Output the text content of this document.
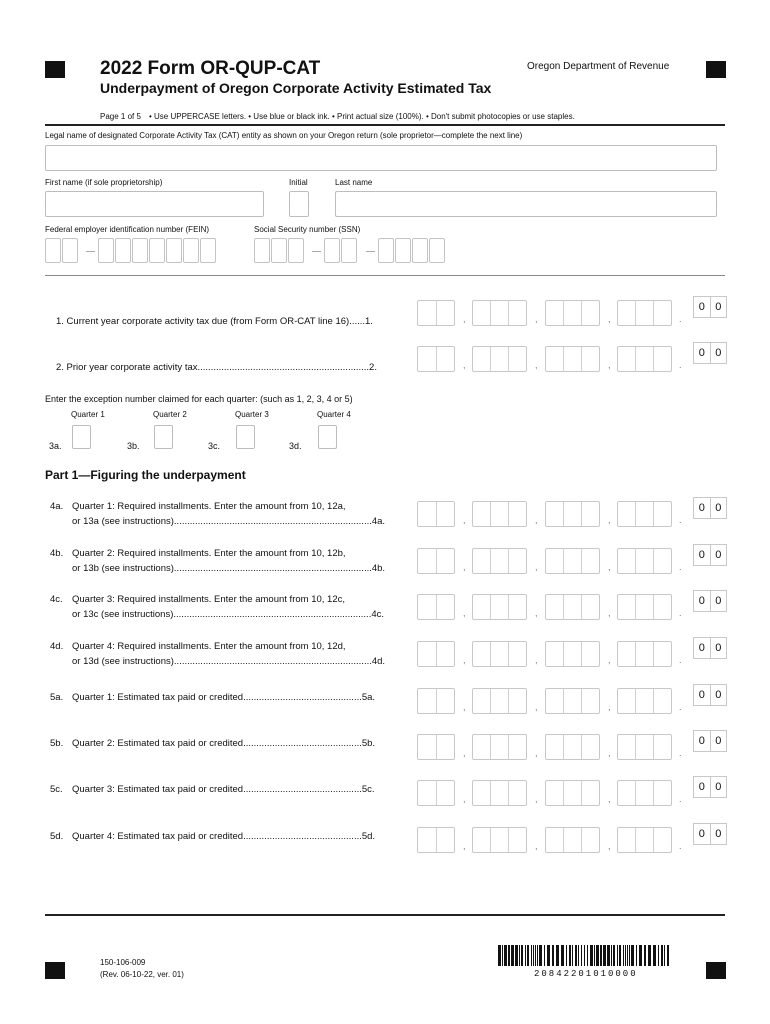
2022 Form OR-QUP-CAT
Underpayment of Oregon Corporate Activity Estimated Tax
Oregon Department of Revenue
Page 1 of 5 • Use UPPERCASE letters. • Use blue or black ink. • Print actual size (100%). • Don't submit photocopies or use staples.
Legal name of designated Corporate Activity Tax (CAT) entity as shown on your Oregon return (sole proprietor—complete the next line)
First name (if sole proprietorship)	Initial	Last name
Federal employer identification number (FEIN)	Social Security number (SSN)
1. Current year corporate activity tax due (from Form OR-CAT line 16)......1.	,	,	,	.
0 0
2. Prior year corporate activity tax.................................................................2.	,	,	,	.
0 0
Enter the exception number claimed for each quarter: (such as 1, 2, 3, 4 or 5)
Quarter 1	Quarter 2	Quarter 3	Quarter 4
3a.	3b.	3c.	3d.
Part 1—Figuring the underpayment
4a. Quarter 1: Required installments. Enter the amount from 10, 12a,
or 13a (see instructions)...........................................................................4a.	,	,	,	.
0 0
4b. Quarter 2: Required installments. Enter the amount from 10, 12b,
or 13b (see instructions)...........................................................................4b.	,	,	,	.
0 0
4c. Quarter 3: Required installments. Enter the amount from 10, 12c,
or 13c (see instructions)...........................................................................4c.	,	,	,	.
0 0
4d. Quarter 4: Required installments. Enter the amount from 10, 12d,
or 13d (see instructions)...........................................................................4d.	,	,	,	.
0 0
5a. Quarter 1: Estimated tax paid or credited.............................................5a.
,	,	,	.
0 0
5b. Quarter 2: Estimated tax paid or credited.............................................5b.
,	,	,	.
0 0
5c. Quarter 3: Estimated tax paid or credited.............................................5c.
,	,	,	.
0 0
5d. Quarter 4: Estimated tax paid or credited.............................................5d.
,	,	,	.
0 0
150-106-009
(Rev. 06-10-22, ver. 01)	20842201010000
